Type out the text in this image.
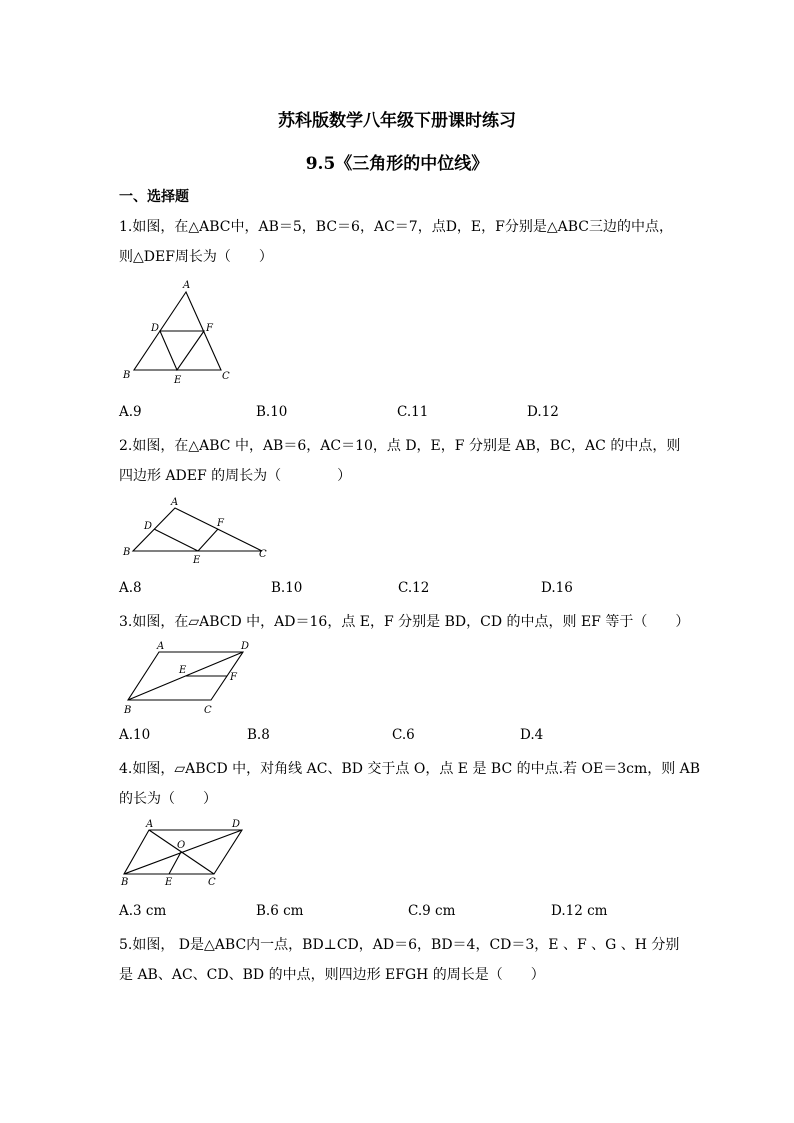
苏科版数学八年级下册课时练习
9.5《三角形的中位线》
一、选择题
1.如图，在△ABC中，AB＝5，BC＝6，AC＝7，点D，E，F分别是△ABC三边的中点，
则△DEF周长为（　　）
A
B	C
D
E
F
A.9	B.10	C.11	D.12
2.如图，在△ABC 中，AB＝6，AC＝10，点 D，E，F 分别是 AB，BC，AC 的中点，则
四边形 ADEF 的周长为（　　　　）
A
B	C
D
E
F
A.8	B.10	C.12	D.16
3.如图，在▱ABCD 中，AD＝16，点 E，F 分别是 BD，CD 的中点，则 EF 等于（　　）
A
B	C
D
E
F
A.10	B.8	C.6	D.4
4.如图，▱ABCD 中，对角线 AC、BD 交于点 O，点 E 是 BC 的中点.若 OE＝3cm，则 AB
的长为（　　）
A
B	C
D
E
O
A.3 cm	B.6 cm	C.9 cm	D.12 cm
5.如图， D是△ABC内一点，BD⊥CD，AD＝6，BD＝4，CD＝3，E 、F 、G 、H 分别
是 AB、AC、CD、BD 的中点，则四边形 EFGH 的周长是（　　）
